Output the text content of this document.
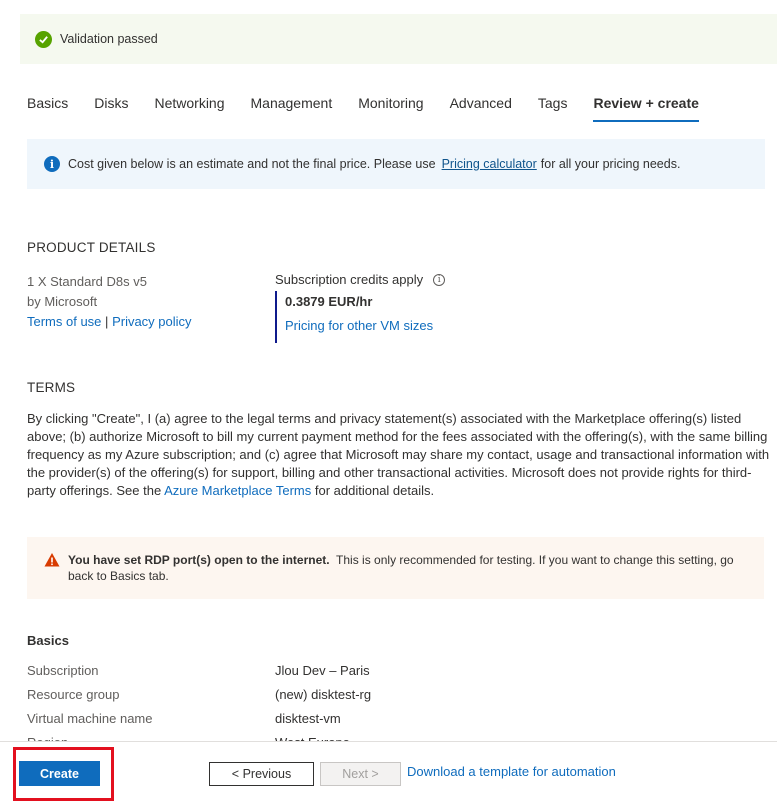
Validation passed
Basics Disks Networking Management Monitoring Advanced Tags Review + create
i	Cost given below is an estimate and not the final price. Please use Pricing calculator for all your pricing needs.
PRODUCT DETAILS
1 X Standard D8s v5
by Microsoft
Terms of use | Privacy policy
Subscription credits apply	i
0.3879 EUR/hr
Pricing for other VM sizes
TERMS
By clicking "Create", I (a) agree to the legal terms and privacy statement(s) associated with the Marketplace offering(s) listed above; (b) authorize Microsoft to bill my current payment method for the fees associated with the offering(s), with the same billing frequency as my Azure subscription; and (c) agree that Microsoft may share my contact, usage and transactional information with the provider(s) of the offering(s) for support, billing and other transactional activities. Microsoft does not provide rights for third-party offerings. See the Azure Marketplace Terms for additional details.
You have set RDP port(s) open to the internet. This is only recommended for testing. If you want to change this setting, go back to Basics tab.
Basics
Subscription	Jlou Dev – Paris
Resource group	(new) disktest-rg
Virtual machine name	disktest-vm
Create	< Previous	Next >	Download a template for automation
